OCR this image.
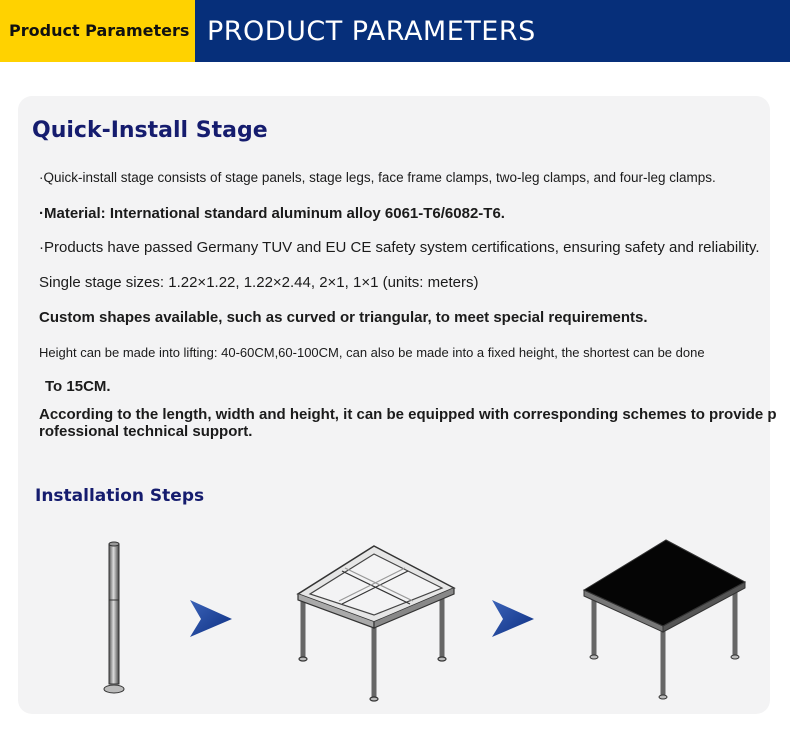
Product Parameters PRODUCT PARAMETERS
Quick-Install Stage
·Quick-install stage consists of stage panels, stage legs, face frame clamps, two-leg clamps, and four-leg clamps.
·Material: International standard aluminum alloy 6061-T6/6082-T6.
·Products have passed Germany TUV and EU CE safety system certifications, ensuring safety and reliability.
Single stage sizes: 1.22×1.22, 1.22×2.44, 2×1, 1×1 (units: meters)
Custom shapes available, such as curved or triangular, to meet special requirements.
Height can be made into lifting: 40-60CM,60-100CM, can also be made into a fixed height, the shortest can be done
To 15CM.
According to the length, width and height, it can be equipped with corresponding schemes to provide professional technical support.
Installation Steps
